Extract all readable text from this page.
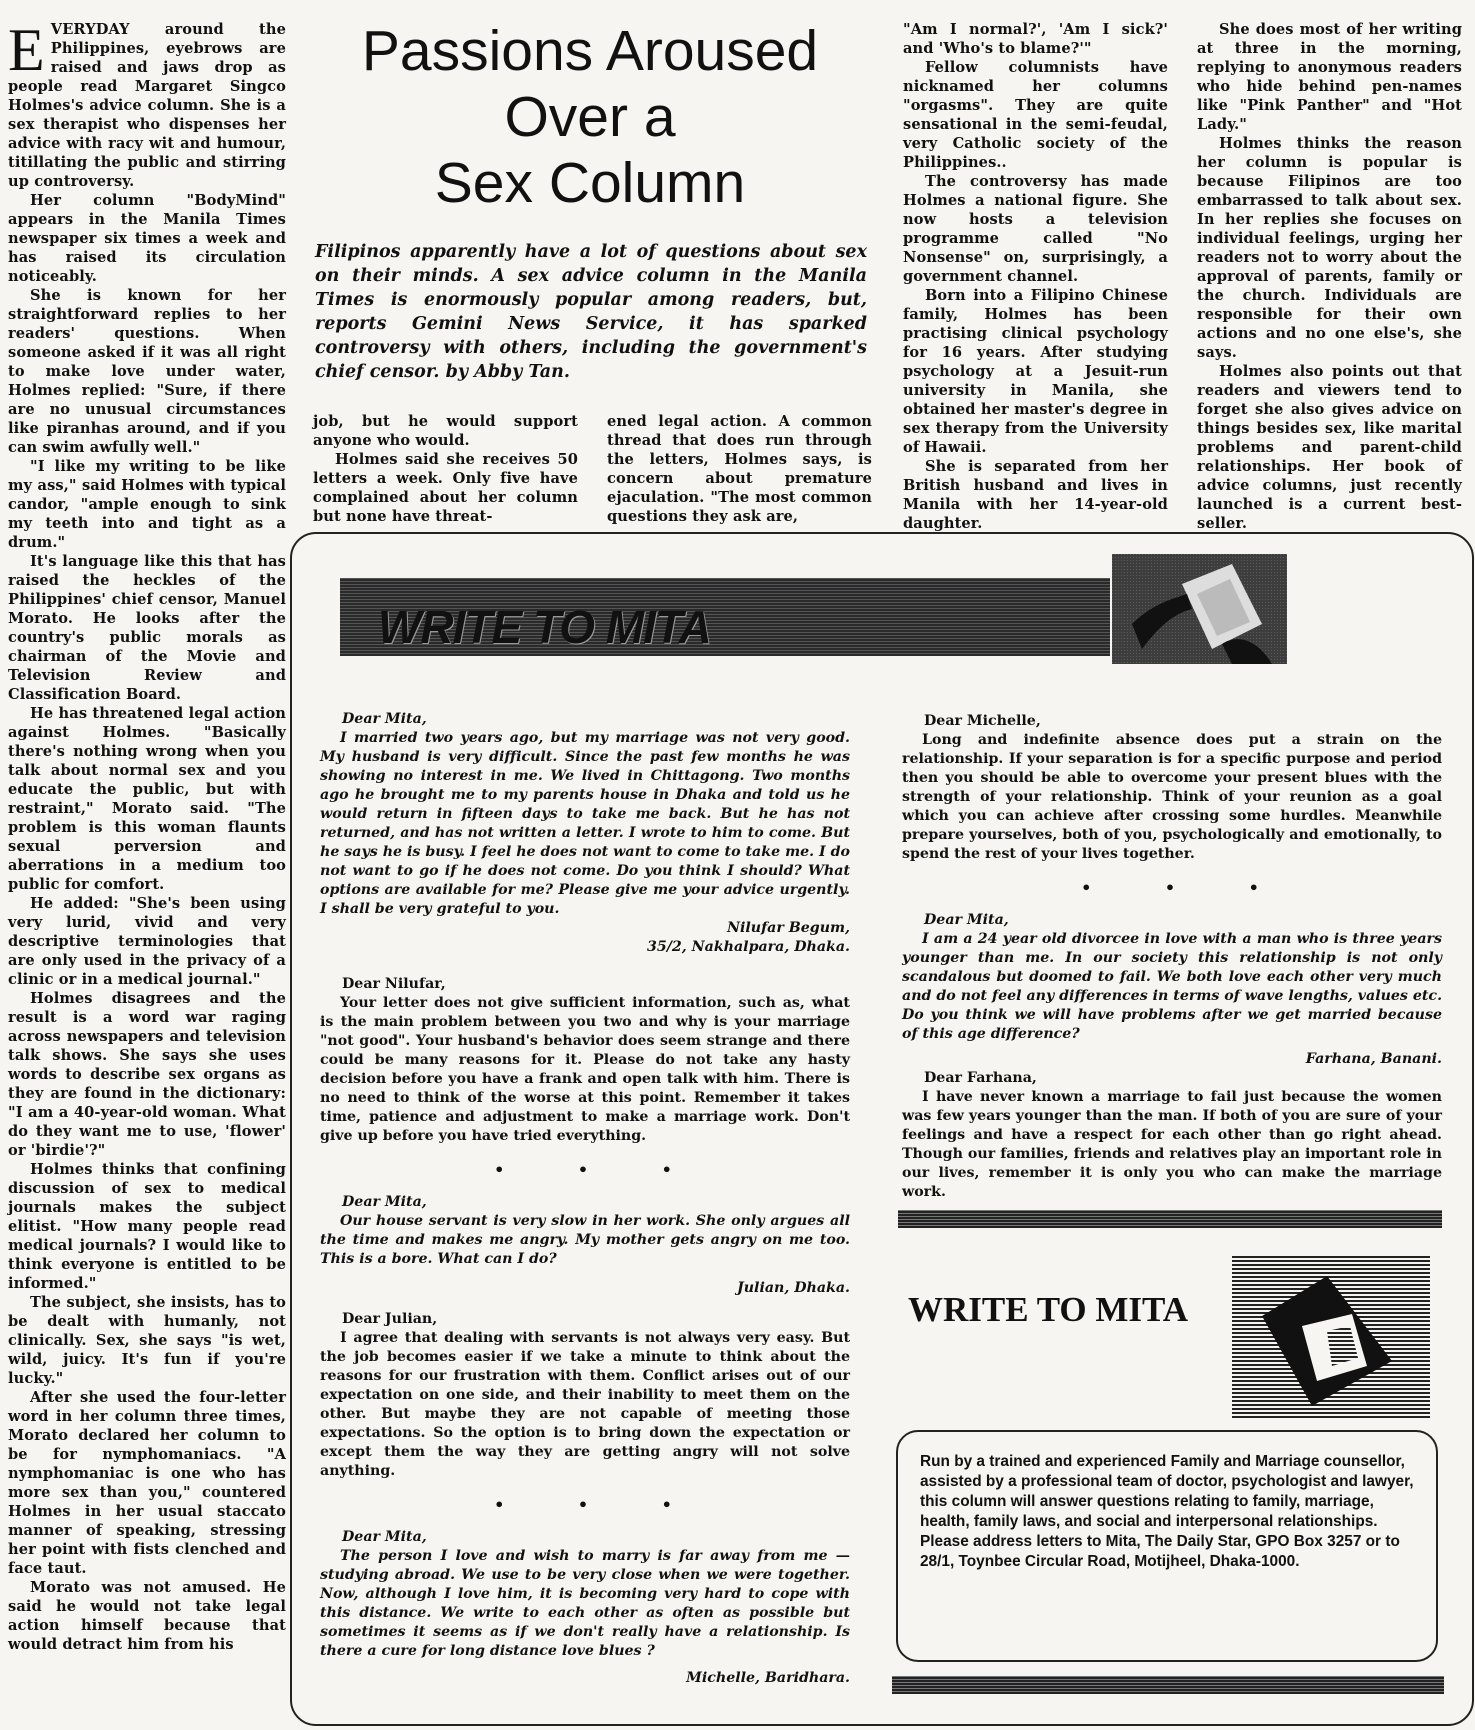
EVERYDAY around the Philippines, eyebrows are raised and jaws drop as people read Margaret Singco Holmes's advice column. She is a sex therapist who dispenses her advice with racy wit and humour, titillating the public and stirring up controversy.

Her column "BodyMind" appears in the Manila Times newspaper six times a week and has raised its circulation noticeably.

She is known for her straightforward replies to her readers' questions. When someone asked if it was all right to make love under water, Holmes replied: "Sure, if there are no unusual circumstances like piranhas around, and if you can swim awfully well."

"I like my writing to be like my ass," said Holmes with typical candor, "ample enough to sink my teeth into and tight as a drum."

It's language like this that has raised the heckles of the Philippines' chief censor, Manuel Morato. He looks after the country's public morals as chairman of the Movie and Television Review and Classification Board.

He has threatened legal action against Holmes. "Basically there's nothing wrong when you talk about normal sex and you educate the public, but with restraint," Morato said. "The problem is this woman flaunts sexual perversion and aberrations in a medium too public for comfort.

He added: "She's been using very lurid, vivid and very descriptive terminologies that are only used in the privacy of a clinic or in a medical journal."

Holmes disagrees and the result is a word war raging across newspapers and television talk shows. She says she uses words to describe sex organs as they are found in the dictionary: "I am a 40-year-old woman. What do they want me to use, 'flower' or 'birdie'?"

Holmes thinks that confining discussion of sex to medical journals makes the subject elitist. "How many people read medical journals? I would like to think everyone is entitled to be informed."

The subject, she insists, has to be dealt with humanly, not clinically. Sex, she says "is wet, wild, juicy. It's fun if you're lucky."

After she used the four-letter word in her column three times, Morato declared her column to be for nymphomaniacs. "A nymphomaniac is one who has more sex than you," countered Holmes in her usual staccato manner of speaking, stressing her point with fists clenched and face taut.

Morato was not amused. He said he would not take legal action himself because that would detract him from his

Passions Aroused
Over a
Sex Column
Filipinos apparently have a lot of questions about sex on their minds. A sex advice column in the Manila Times is enormously popular among readers, but, reports Gemini News Service, it has sparked controversy with others, including the government's chief censor. by Abby Tan.

job, but he would support anyone who would.

Holmes said she receives 50 letters a week. Only five have complained about her column but none have threat-

ened legal action. A common thread that does run through the letters, Holmes says, is concern about premature ejaculation. "The most common questions they ask are,

"Am I normal?', 'Am I sick?' and 'Who's to blame?'"

Fellow columnists have nicknamed her columns "orgasms". They are quite sensational in the semi-feudal, very Catholic society of the Philippines..

The controversy has made Holmes a national figure. She now hosts a television programme called "No Nonsense" on, surprisingly, a government channel.

Born into a Filipino Chinese family, Holmes has been practising clinical psychology for 16 years. After studying psychology at a Jesuit-run university in Manila, she obtained her master's degree in sex therapy from the University of Hawaii.

She is separated from her British husband and lives in Manila with her 14-year-old daughter.

She does most of her writing at three in the morning, replying to anonymous readers who hide behind pen-names like "Pink Panther" and "Hot Lady."

Holmes thinks the reason her column is popular is because Filipinos are too embarrassed to talk about sex. In her replies she focuses on individual feelings, urging her readers not to worry about the approval of parents, family or the church. Individuals are responsible for their own actions and no one else's, she says.

Holmes also points out that readers and viewers tend to forget she also gives advice on things besides sex, like marital problems and parent-child relationships. Her book of advice columns, just recently launched is a current best-seller.

WRITE TO MITA

Dear Mita,

I married two years ago, but my marriage was not very good. My husband is very difficult. Since the past few months he was showing no interest in me. We lived in Chittagong. Two months ago he brought me to my parents house in Dhaka and told us he would return in fifteen days to take me back. But he has not returned, and has not written a letter. I wrote to him to come. But he says he is busy. I feel he does not want to come to take me. I do not want to go if he does not come. Do you think I should? What options are available for me? Please give me your advice urgently. I shall be very grateful to you.

Nilufar Begum,

35/2, Nakhalpara, Dhaka.

Dear Nilufar,

Your letter does not give sufficient information, such as, what is the main problem between you two and why is your marriage "not good". Your husband's behavior does seem strange and there could be many reasons for it. Please do not take any hasty decision before you have a frank and open talk with him. There is no need to think of the worse at this point. Remember it takes time, patience and adjustment to make a marriage work. Don't give up before you have tried everything.

• • •

Dear Mita,

Our house servant is very slow in her work. She only argues all the time and makes me angry. My mother gets angry on me too. This is a bore. What can I do?

Julian, Dhaka.

Dear Julian,

I agree that dealing with servants is not always very easy. But the job becomes easier if we take a minute to think about the reasons for our frustration with them. Conflict arises out of our expectation on one side, and their inability to meet them on the other. But maybe they are not capable of meeting those expectations. So the option is to bring down the expectation or except them the way they are getting angry will not solve anything.

• • •

Dear Mita,

The person I love and wish to marry is far away from me — studying abroad. We use to be very close when we were together. Now, although I love him, it is becoming very hard to cope with this distance. We write to each other as often as possible but sometimes it seems as if we don't really have a relationship. Is there a cure for long distance love blues ?

Michelle, Baridhara.

Dear Michelle,

Long and indefinite absence does put a strain on the relationship. If your separation is for a specific purpose and period then you should be able to overcome your present blues with the strength of your relationship. Think of your reunion as a goal which you can achieve after crossing some hurdles. Meanwhile prepare yourselves, both of you, psychologically and emotionally, to spend the rest of your lives together.

• • •

Dear Mita,

I am a 24 year old divorcee in love with a man who is three years younger than me. In our society this relationship is not only scandalous but doomed to fail. We both love each other very much and do not feel any differences in terms of wave lengths, values etc. Do you think we will have problems after we get married because of this age difference?

Farhana, Banani.

Dear Farhana,

I have never known a marriage to fail just because the women was few years younger than the man. If both of you are sure of your feelings and have a respect for each other than go right ahead. Though our families, friends and relatives play an important role in our lives, remember it is only you who can make the marriage work.

WRITE TO MITA

Run by a trained and experienced Family and Marriage counsellor, assisted by a professional team of doctor, psychologist and lawyer, this column will answer questions relating to family, marriage, health, family laws, and social and interpersonal relationships.

Please address letters to Mita, The Daily Star, GPO Box 3257 or to 28/1, Toynbee Circular Road, Motijheel, Dhaka-1000.
